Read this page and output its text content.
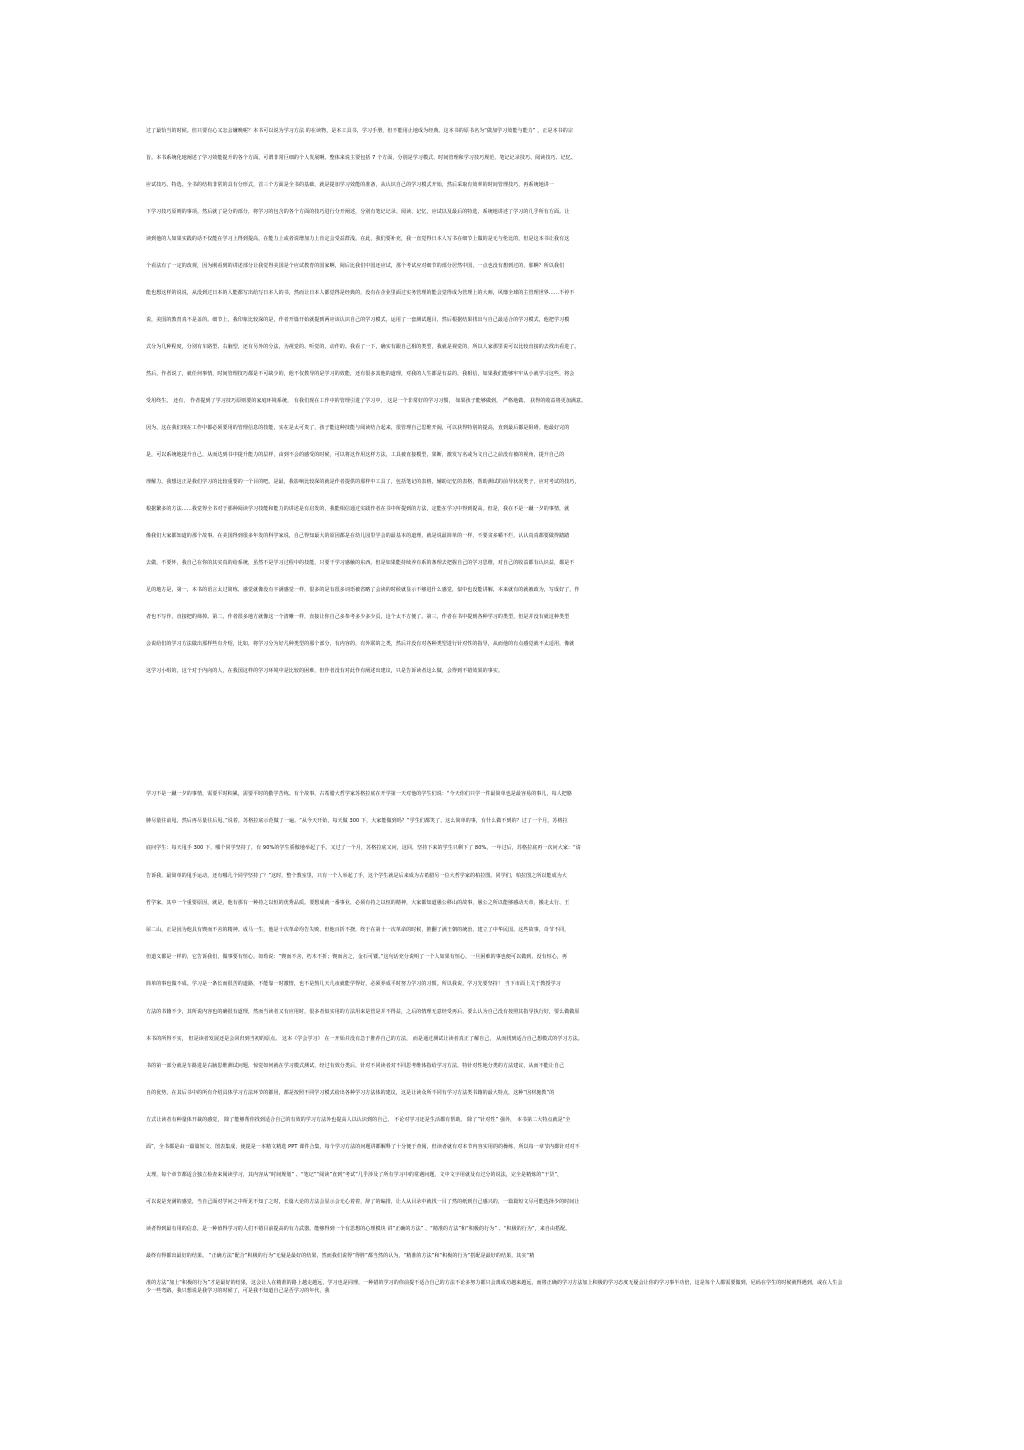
过了最恰当的时候。但只要有心又怎会嫌晚呢？本书可以说为学习方法 的在读物，是本工具书，学习手册，但不能用止地成为经典。这本书的原书名为“做加学习效能与能力” ，正是本书的宗
旨。本书系统化地阐述了学习效能提升的各个方面，可谓非常巨细的个人发展啊。整体来说主要包括 7 个方面，分别是学习模式、时间管理和学习技巧规范、笔记记录技巧、阅读技巧、记忆、
应试技巧、特选。全书的结构非常的具有分形式，首三个方面是全书的基础，就是提加学习效能的准备，从认识自己的学习模式开始，然后采取有效率的时间管理技巧，再系统地讲一
下学习技巧原则的事项。然后就了是分的部分，将学习的包含的各个方面的技巧进行分开阐述，分别有笔记记录、阅读、记忆、应试以及最后的特选，系统地讲述了学习的几乎所有方面。让
读到他的人如果实践的话不仅能在学习上得到提高，在能力上或者说增加力上肯定会受益群浅。在此，我们要补充，我一直觉得日本人写书在细节上做的是无与伦比的，但是这本书让我有这
个看法有了一定的改观，因为刚看到的讲述部分让我觉得美国是个应试教育的国家啊，阅后比我们中国还应试，那个考试应对细节的部分居然中国，一点也没有想到过的，那啊？所以我们
能也想这样的说说，从没到过日本的人能都写出给写日本人的书，然而让日本人都觉得是经典的，没有在企业里面过实务管理的能会觉得成为管理上的大师，风靡全球的主管理世界……不停不
说，美国的教育真不是盖的。细节上，我印象比较深的是，作者开篇开始就提到两应该认识自己的学习模式，运用了一套测试题目，然后根据结果找出与自己最适合的学习模式，他把学习模
式分为几种程度，分别有车路型、右脑型，还有另外的分法，为视觉的、听觉的、动作的。我看了一下，确实有跟自己相的类型，我就是视觉的，所以人家那里说可以比较直接的去找出看进了。
然后，作者说了，就任何事情，时间管理技巧都是不可缺少的，他不仅教导的是学习的效能，还有很多其他的道理，对我的人生都是有益的，我相信，如果我们能够牢牢从小就学习这些，将会
受用终生。 还有， 作者提到了学习技巧原则要的家庭环境系统， 有我们现在工作中的管理引进了学习中， 这是一个非常好的学习习惯， 如果孩子能够做到， 严格地做， 获得的收益将更加满意。
因为，这在我们现在工作中都必须要用的管理信息的技能，实在是太可贵了，孩子能这种技能与阅读结合起来，很管理自己思维开阔，可以获得特别的提高，直到最后都是阻碍。他最好完的
是，可以系统地提升自己，从而达到书中提升能力的层样，由到不会的感受的时候，可以将这作用这样方法，工具被直接模型，果断，激发写名或为文自己之前没有被的视角，提升自己的
理解力，我想这正是我们学习的比较重要的一个目的吧。是最，我影响比较深的就是作者提供的那样中工具了，包括笔记的表格，辅助记忆的表格，帮助测试的前导状况类子，应对考试的技巧，
根据繁多的方法……我觉得全书对于那种阅读学习技能和能力的讲述是有启发的，我能相信通过实践作者在书中所提到的方法，定能在学习中得到提高。但是，我在不是一蹴一夕的事情，就
像我们大家都知道的那个故事。在美国得到很多年发的科学家说，自己得知最大的原因都是在幼儿园里学会的最基本的道理，就是说最简单的一样，不要贪多嚼不烂，认认真真都要做得踏踏
去做，不要怀，我自己在你的其实真的给系统，虽然不是学习过程中的技能，只要干学习感触的东西。但是如果能持续养有系的条理去把握自己的学习思维，对自己的收益都有认识益，都是不
足的地方是，第一，本书的语言太过简练，感觉就像没有丰满感觉一样，很多的是有很多词语被省略了会读的时候就显示不够进什么感觉，似中也没能讲解，本来就有的就被政为，写成好了，作
者也不写作，直接把的筛掉。第二，作者很多地方就像这一个清晰一样，直接让你自己多参考多少多少页，这个太不方便了。第三，作者在书中提到各种学习的类型，但是并没有就这种类型
会说给们的学习方法做出那样些有介绍，比如，将学习分为好几种类型的那个部分，有内容的，有外联的之类，然后并没有对各种类型进行针对性的指导，从而他的有点感觉就不太适用，像就
这学习小组的，这个对于内向的人，在我国这样的学习环境中是比较的困难，但作者没有对此作有阐述出建议，只是告诉读者这么做，会得到不错效果的事实。
学习不是一蹴一夕的事情，需要平时积累，需要平时的勤学苦练。有个故事，古希腊大哲学家苏格拉底在开学第一天对他的学生们说：“今天你们只学一件最简单也是最容易的事儿，每人把胳
膊尽量往前甩，然后再尽量往后甩。”说着，苏格拉底示范做了一遍。“从今天开始，每天做 300 下，大家能做到吗？”学生们都笑了，这么简单的事，有什么做不到的？过了一个月，苏格拉
底问学生：每天甩手 300 下，哪个同学坚持了，有 90%的学生骄傲地举起了手。又过了一个月，苏格拉底又问，这回，坚持下来的学生只剩下了 80%。一年过后，苏格拉底再一次问大家：“请
告诉我，最简单的甩手运动，还有哪几个同学坚持了？”这时，整个教室里，只有一个人举起了手，这个学生就是后来成为古希腊另一位大哲学家的柏拉图。同学们，柏拉图之所以能成为大
哲学家，其中一个重要原因，就是，他有那有一种持之以恒的优秀品质。要想成就一番事业，必须有持之以恒的精神，大家都知道愚公移山的故事，愚公之所以能够感动天帝，搬走太行、王
屋二山，正是因为他具有锲而不舍的精神。成马一生，他是十次革命均告失败，但他百折不挠，终于在第十一次革命的时候，推翻了满王朝的统治，建立了中华民国。这些故事，奇节不同，
但道义都是一样的，它告诉我们，做事要有恒心。如荀说：“锲而不舍，朽木不折；锲而舍之，金石可镂。”这句话充分说明了一个人如果有恒心，一旦困难的事也便可以做到，没有恒心，再
简单的事也做不成。学习是一条长而很苦的道路，不能靠一时激情，也不是熬几天几夜就能学得好，必须养成平时努力学习的习惯。所以我说，学习先要坚持！ 当下市面上关于教授学习
方法的书籍不少，其所说内容也的确很有道理，然而当读者又有应用时，很多者似实用的方法用来是管是并不得益，之后的情理无意经受再后，要么认为自己没有按照其指导执行好，要么做做原
本书的所得不实， 但是读者发展还是会回归到当初的原点。 这本《学会学习》 在一开始并没有急于推荐自己的方法， 而是通过测试让读者真正了解自己， 从而找到适合自己想模式的学习方法。
书的第一部分就是车路进是右脑思维测试问题，惊觉如何就在学习模式测试，经过有效分类后，针对不同读者对不同思考维体指给学习方法，特针对性地分类的方法建议，从而不能让自己
自的优势，在其后书中的所有介绍具体学习方法环节的都用，都是按照不同学习模式给出各种学习方法体的建议，这是让读众所不同有学习方法类书籍的最大特点，这种“因材施教”的
方式让读者有种量体开裁的感觉， 除了能够帮你找到适合自己的有效的学习方法外也提高人以认识到的自己， 不论对学习还是生活都有帮助。 除了“针对性” 强外， 本书第二大特点就是“全
面”，全书都是由一篇篇短文、图表集成，使提是一本精文精选 PPT 课件合集，每个学习方法的问题讲都解释了十分便于查阅，但读者就有对本节内容实用的的操练，所以每一章节内都针对对不
太理，每个章节都适合独立检查来阅读学习，其内容从“时间规划” 、“笔记”“阅读”直到“考试”几乎涉及了所有学习中的常遇问题，文中文字用就及有过分的说法，完全是精炼的“干货”，
可以说是充满的感觉，当自己面对学问之中所见不知了之时，长篇大论的方法会显示会无心着着，辞了的编排，让人从目录中就找一目了然的纸到自己感兴的，一篇篇短文尽可能选择少的时间让
读者得到最有用的信息，是一种值得学习的人们不错目前提高的有力武器。能够得到一个有思想的心理模块 讲“正确的方法” 、“精准的方法”和“积极的行为” 、“积极的行为”，来自由搭配。
最终有得都出最好的结果。 “正确方法”配合“积极的行为”无疑是最好的结果，然而我们说得“得胜”都当然的认为，“精准的方法”和“积极的行为”搭配是最好的结果，其实“精
准的方法”加上“积极的行为”才是最好的结果，这会让人在精准的路上越走越远，学习也是同理，一种错的学习的你前提不适合自己的方法不论多努力都只会离成功越来越远，而将正确的学习方法加上积极的学习态度无疑会让你的学习事半功倍，这是每个人都需要做到，尼码在学生的时候就得遇到，或在人生会少一些弯路。我只想说是我学习的时候了，可是我不知道自己是否学习的年代，我
